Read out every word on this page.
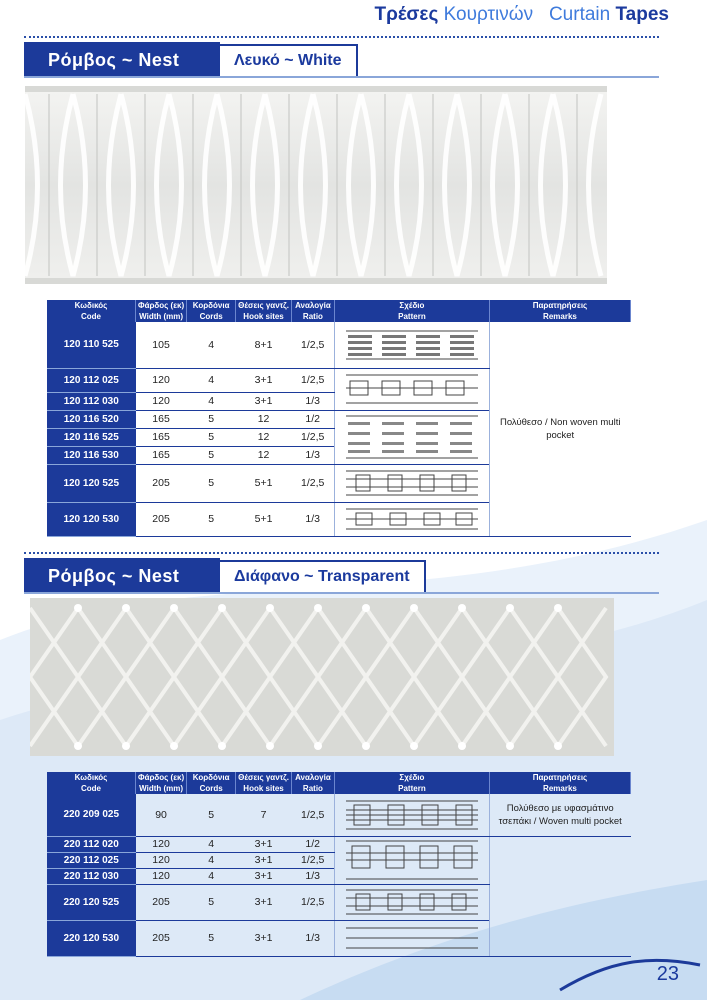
Τρέσες Κουρτινών Curtain Tapes
Ρόμβος ~ Nest	Λευκό ~ White
Κωδικός	Φάρδος (εκ)	Κορδόνια	Θέσεις γαντζ.	Αναλογία	Σχέδιο	Παρατηρήσεις
Code	Width (mm)	Cords	Hook sites	Ratio	Pattern	Remarks
120 110 525	105	4	8+1	1/2,5		Πολύθεσο / Non woven multi pocket
120 112 025	120	4	3+1	1/2,5	

120 112 030	120	4	3+1	1/3		
120 116 520	165	5	12	1/2	

120 116 525	165	5	12	1/2,5		
120 116 530	165	5	12	1/3		
120 120 525	205	5	5+1	1/2,5	

120 120 530	205	5	5+1	1/3	
Ρόμβος ~ Nest	Διάφανο ~ Transparent
Κωδικός	Φάρδος (εκ)	Κορδόνια	Θέσεις γαντζ.	Αναλογία	Σχέδιο	Παρατηρήσεις
Code	Width (mm)	Cords	Hook sites	Ratio	Pattern	Remarks
220 209 025	90	5	7	1/2,5		Πολύθεσο με υφασμάτινο τσεπάκι / Woven multi pocket
220 112 020	120	4	3+1	1/2	

220 112 025	120	4	3+1	1/2,5		
220 112 030	120	4	3+1	1/3		
220 120 525	205	5	3+1	1/2,5	

220 120 530	205	5	3+1	1/3	
23
